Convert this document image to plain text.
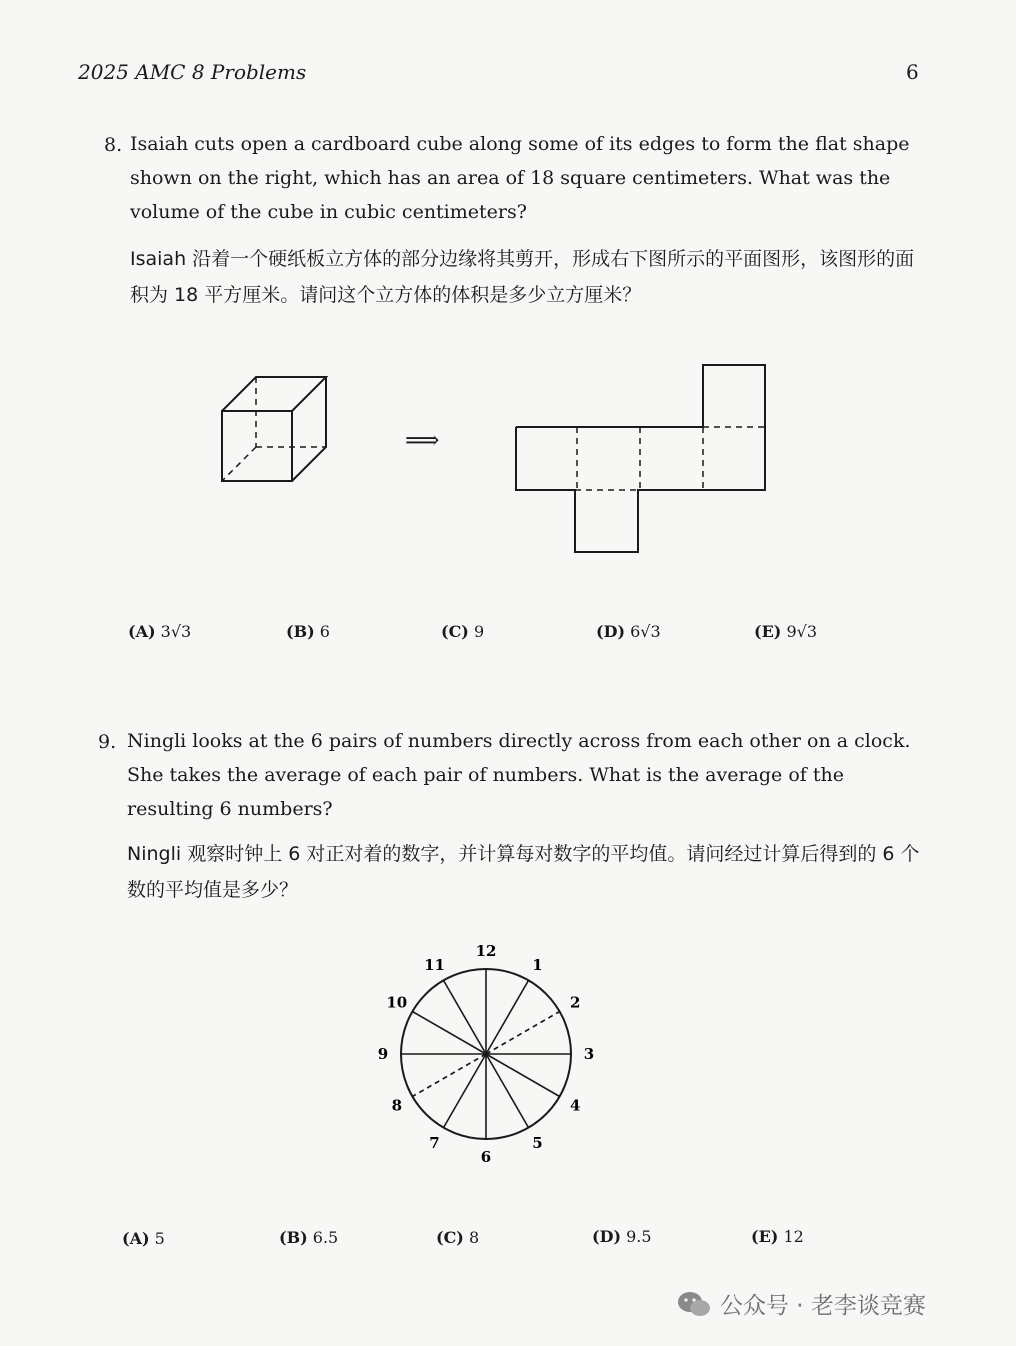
2025 AMC 8 Problems	6
8. Isaiah cuts open a cardboard cube along some of its edges to form the flat shape shown on the right, which has an area of 18 square centimeters. What was the volume of the cube in cubic centimeters?

Isaiah 沿着一个硬纸板立方体的部分边缘将其剪开，形成右下图所示的平面图形，该图形的面积为 18 平方厘米。请问这个立方体的体积是多少立方厘米？

⟹
(A) 3√3	(B) 6	(C) 9	(D) 6√3	(E) 9√3
9. Ningli looks at the 6 pairs of numbers directly across from each other on a clock. She takes the average of each pair of numbers. What is the average of the resulting 6 numbers?

Ningli 观察时钟上 6 对正对着的数字，并计算每对数字的平均值。请问经过计算后得到的 6 个数的平均值是多少？

12
1
2
3
4
5
6
7
8
9
10
11
(A) 5	(B) 6.5	(C) 8	(D) 9.5	(E) 12
公众号 · 老李谈竞赛
